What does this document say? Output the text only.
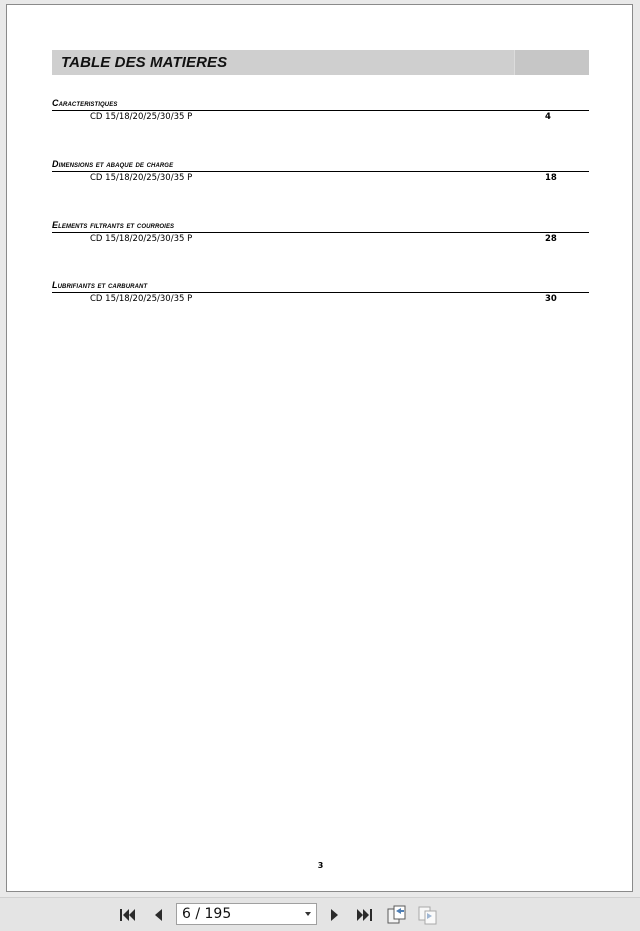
TABLE DES MATIERES
Caracteristiques
CD 15/18/20/25/30/35 P	4
Dimensions et abaque de charge
CD 15/18/20/25/30/35 P	18
Elements filtrants et courroies
CD 15/18/20/25/30/35 P	28
Lubrifiants et carburant
CD 15/18/20/25/30/35 P	30
3
6 / 195
